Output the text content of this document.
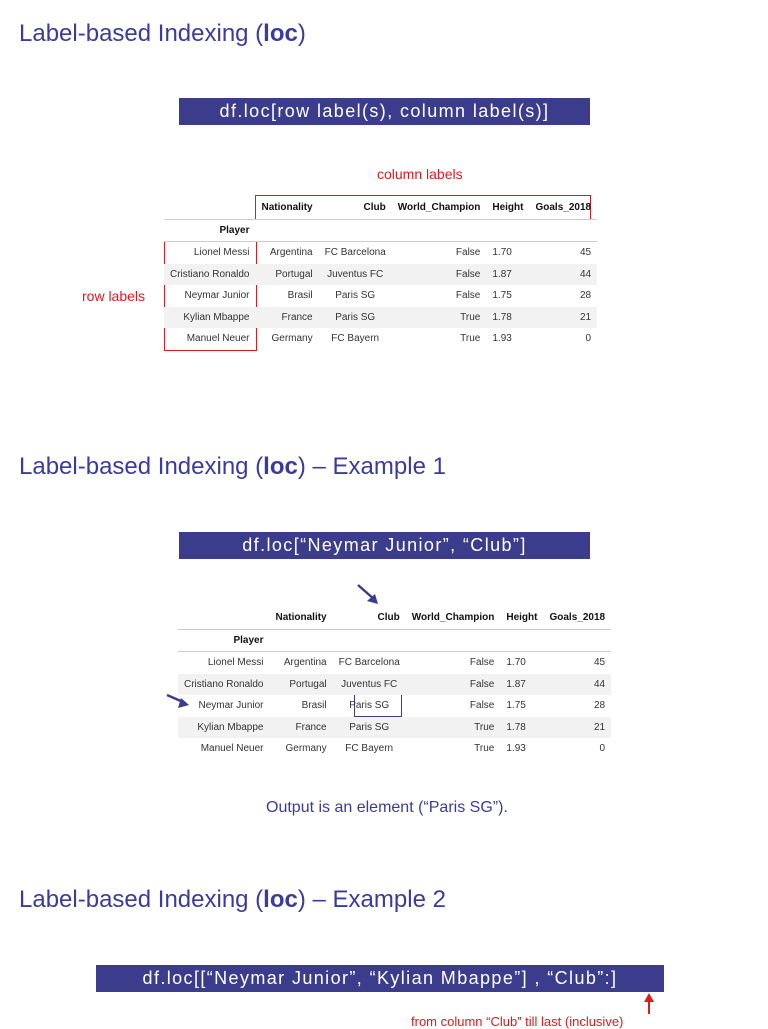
Label-based Indexing (loc)
df.loc[row label(s), column label(s)]
column labels
row labels
	Nationality	Club	World_Champion	Height	Goals_2018
Player					
Lionel Messi	Argentina	FC Barcelona	False	1.70	45
Cristiano Ronaldo	Portugal	Juventus FC	False	1.87	44
Neymar Junior	Brasil	Paris SG	False	1.75	28
Kylian Mbappe	France	Paris SG	True	1.78	21
Manuel Neuer	Germany	FC Bayern	True	1.93	0
Label-based Indexing (loc) – Example 1
df.loc[“Neymar Junior”, “Club”]
	Nationality	Club	World_Champion	Height	Goals_2018
Player					
Lionel Messi	Argentina	FC Barcelona	False	1.70	45
Cristiano Ronaldo	Portugal	Juventus FC	False	1.87	44
Neymar Junior	Brasil	Paris SG	False	1.75	28
Kylian Mbappe	France	Paris SG	True	1.78	21
Manuel Neuer	Germany	FC Bayern	True	1.93	0
Output is an element (“Paris SG”).
Label-based Indexing (loc) – Example 2
df.loc[[“Neymar Junior”, “Kylian Mbappe”] , “Club”:]
from column “Club” till last (inclusive)
